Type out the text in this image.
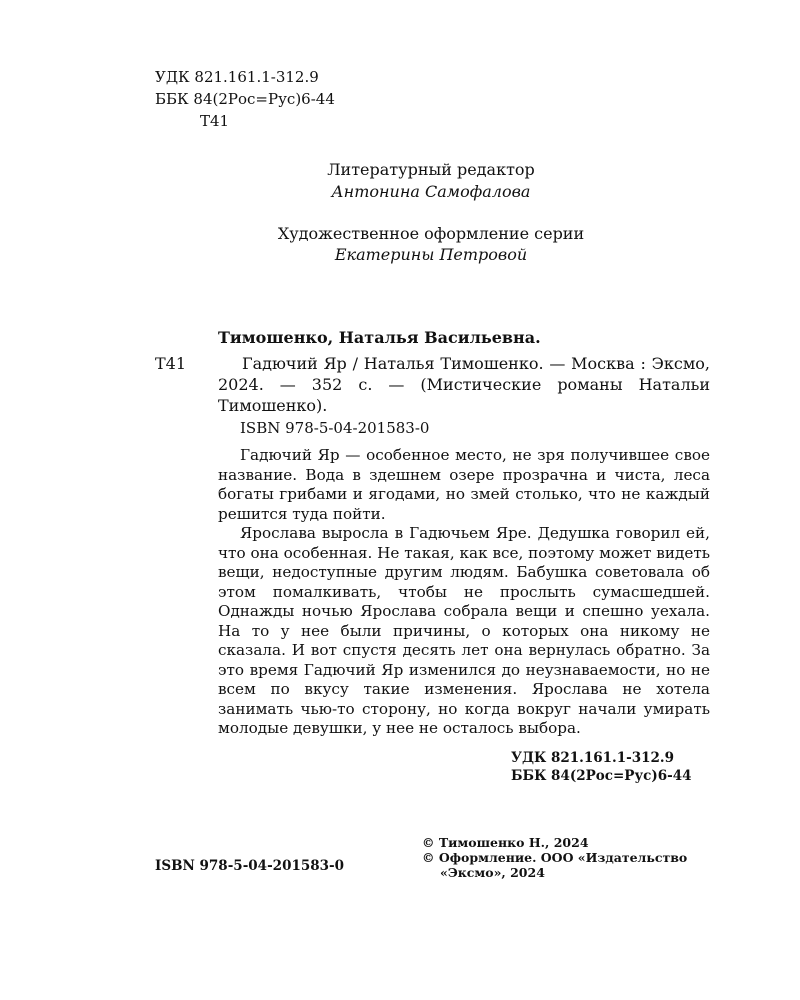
УДК 821.161.1-312.9
ББК 84(2Рос=Рус)6-44
Т41
Литературный редактор
Антонина Самофалова
Художественное оформление серии
Екатерины Петровой
Тимошенко, Наталья Васильевна.
Т41	Гадючий Яр / Наталья Тимошенко. — Москва : Эксмо, 2024. — 352 с. — (Мистические романы Натальи Тимошенко).
ISBN 978-5-04-201583-0

Гадючий Яр — особенное место, не зря получившее свое название. Вода в здешнем озере прозрачна и чиста, леса богаты грибами и ягодами, но змей столько, что не каждый решится туда пойти.

Ярослава выросла в Гадючьем Яре. Дедушка говорил ей, что она особенная. Не такая, как все, поэтому может видеть вещи, недоступные другим людям. Бабушка советовала об этом помалкивать, чтобы не прослыть сумасшедшей. Однажды ночью Ярослава собрала вещи и спешно уехала. На то у нее были причины, о которых она никому не сказала. И вот спустя десять лет она вернулась обратно. За это время Гадючий Яр изменился до неузнаваемости, но не всем по вкусу такие изменения. Ярослава не хотела занимать чью-то сторону, но когда вокруг начали умирать молодые девушки, у нее не осталось выбора.

УДК 821.161.1-312.9
ББК 84(2Рос=Рус)6-44
© Тимошенко Н., 2024
© Оформление. ООО «Издательство «Эксмо», 2024
ISBN 978-5-04-201583-0
